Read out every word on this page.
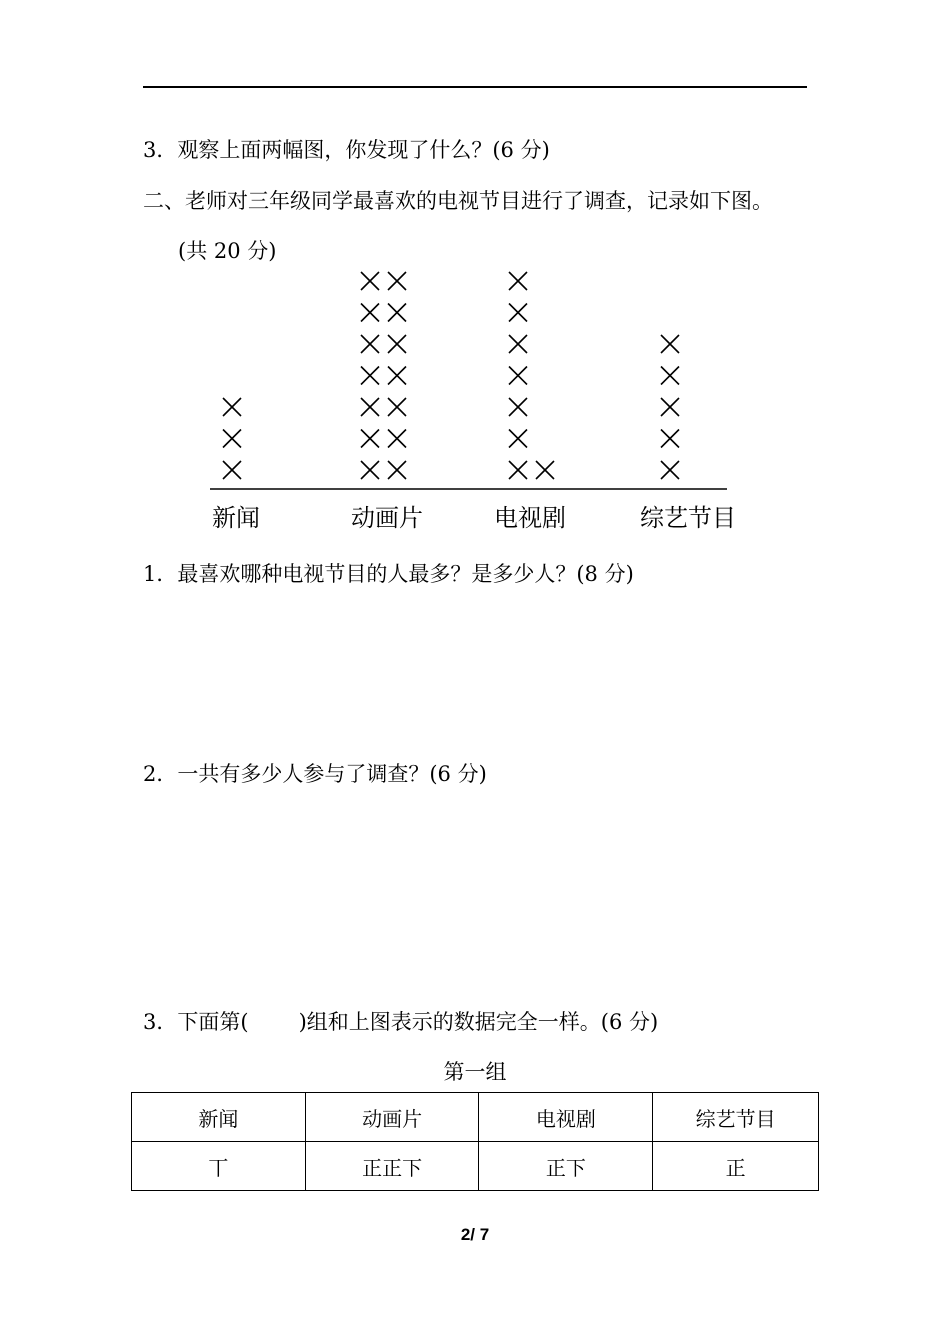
3．观察上面两幅图，你发现了什么？(6 分)
二、老师对三年级同学最喜欢的电视节目进行了调查，记录如下图。
(共 20 分)
新闻	动画片	电视剧	综艺节目
1．最喜欢哪种电视节目的人最多？是多少人？(8 分)
2．一共有多少人参与了调查？(6 分)
3．下面第( )组和上图表示的数据完全一样。(6 分)
第一组
新闻	动画片	电视剧	综艺节目
丅	正正下	正下	正
2/ 7
